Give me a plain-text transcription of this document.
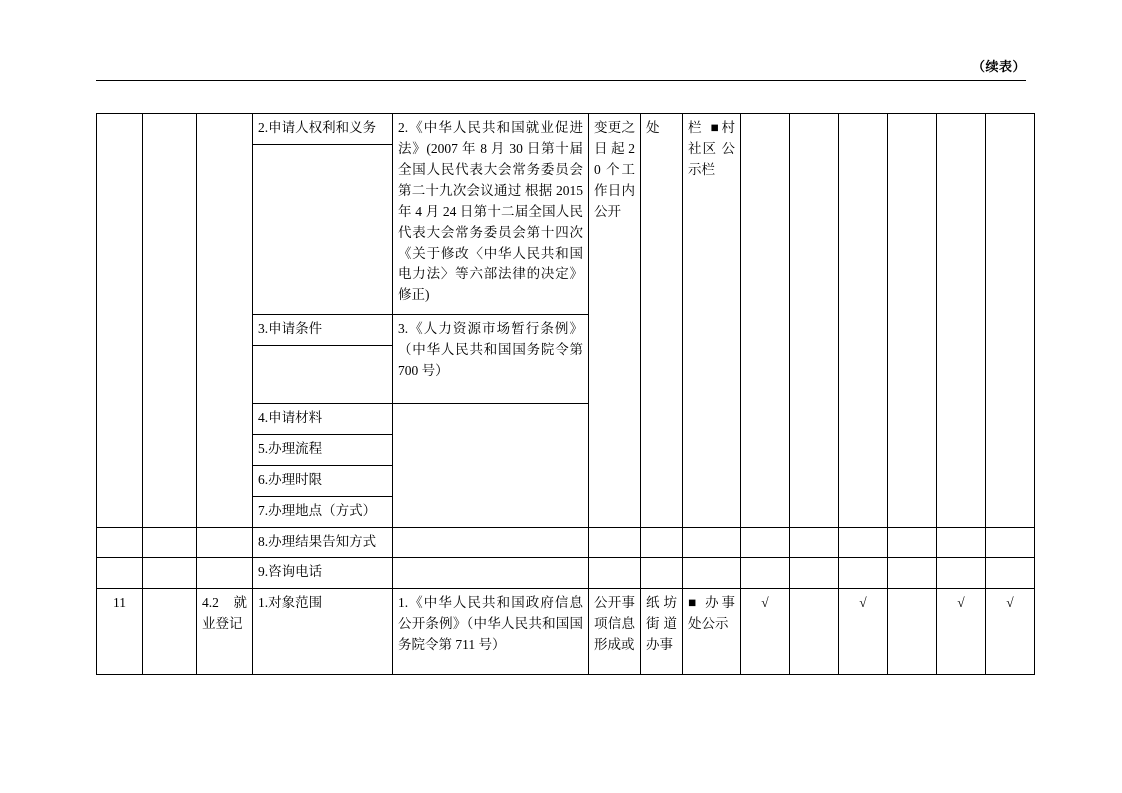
（续表）
			2.申请人权利和义务	2.《中华人民共和国就业促进法》(2007 年 8 月 30 日第十届全国人民代表大会常务委员会第二十九次会议通过 根据 2015 年 4 月 24 日第十二届全国人民代表大会常务委员会第十四次《关于修改〈中华人民共和国电力法〉等六部法律的决定》修正)	变更之日 起 20 个工作日内公开	处	栏 ■村 社区 公示栏						

			3.申请条件	3.《人力资源市场暂行条例》（中华人民共和国国务院令第 700 号）									

			4.申请材料										
			5.办理流程										
			6.办理时限										

			7.办理地点（方式）										

			8.办理结果告知方式										
			9.咨询电话										
11		4.2 就业登记	1.对象范围	1.《中华人民共和国政府信息公开条例》（中华人民共和国国务院令第 711 号）	公开事项信息形成或	纸坊街道办事	■ 办事 处公示	√		√		√	√
